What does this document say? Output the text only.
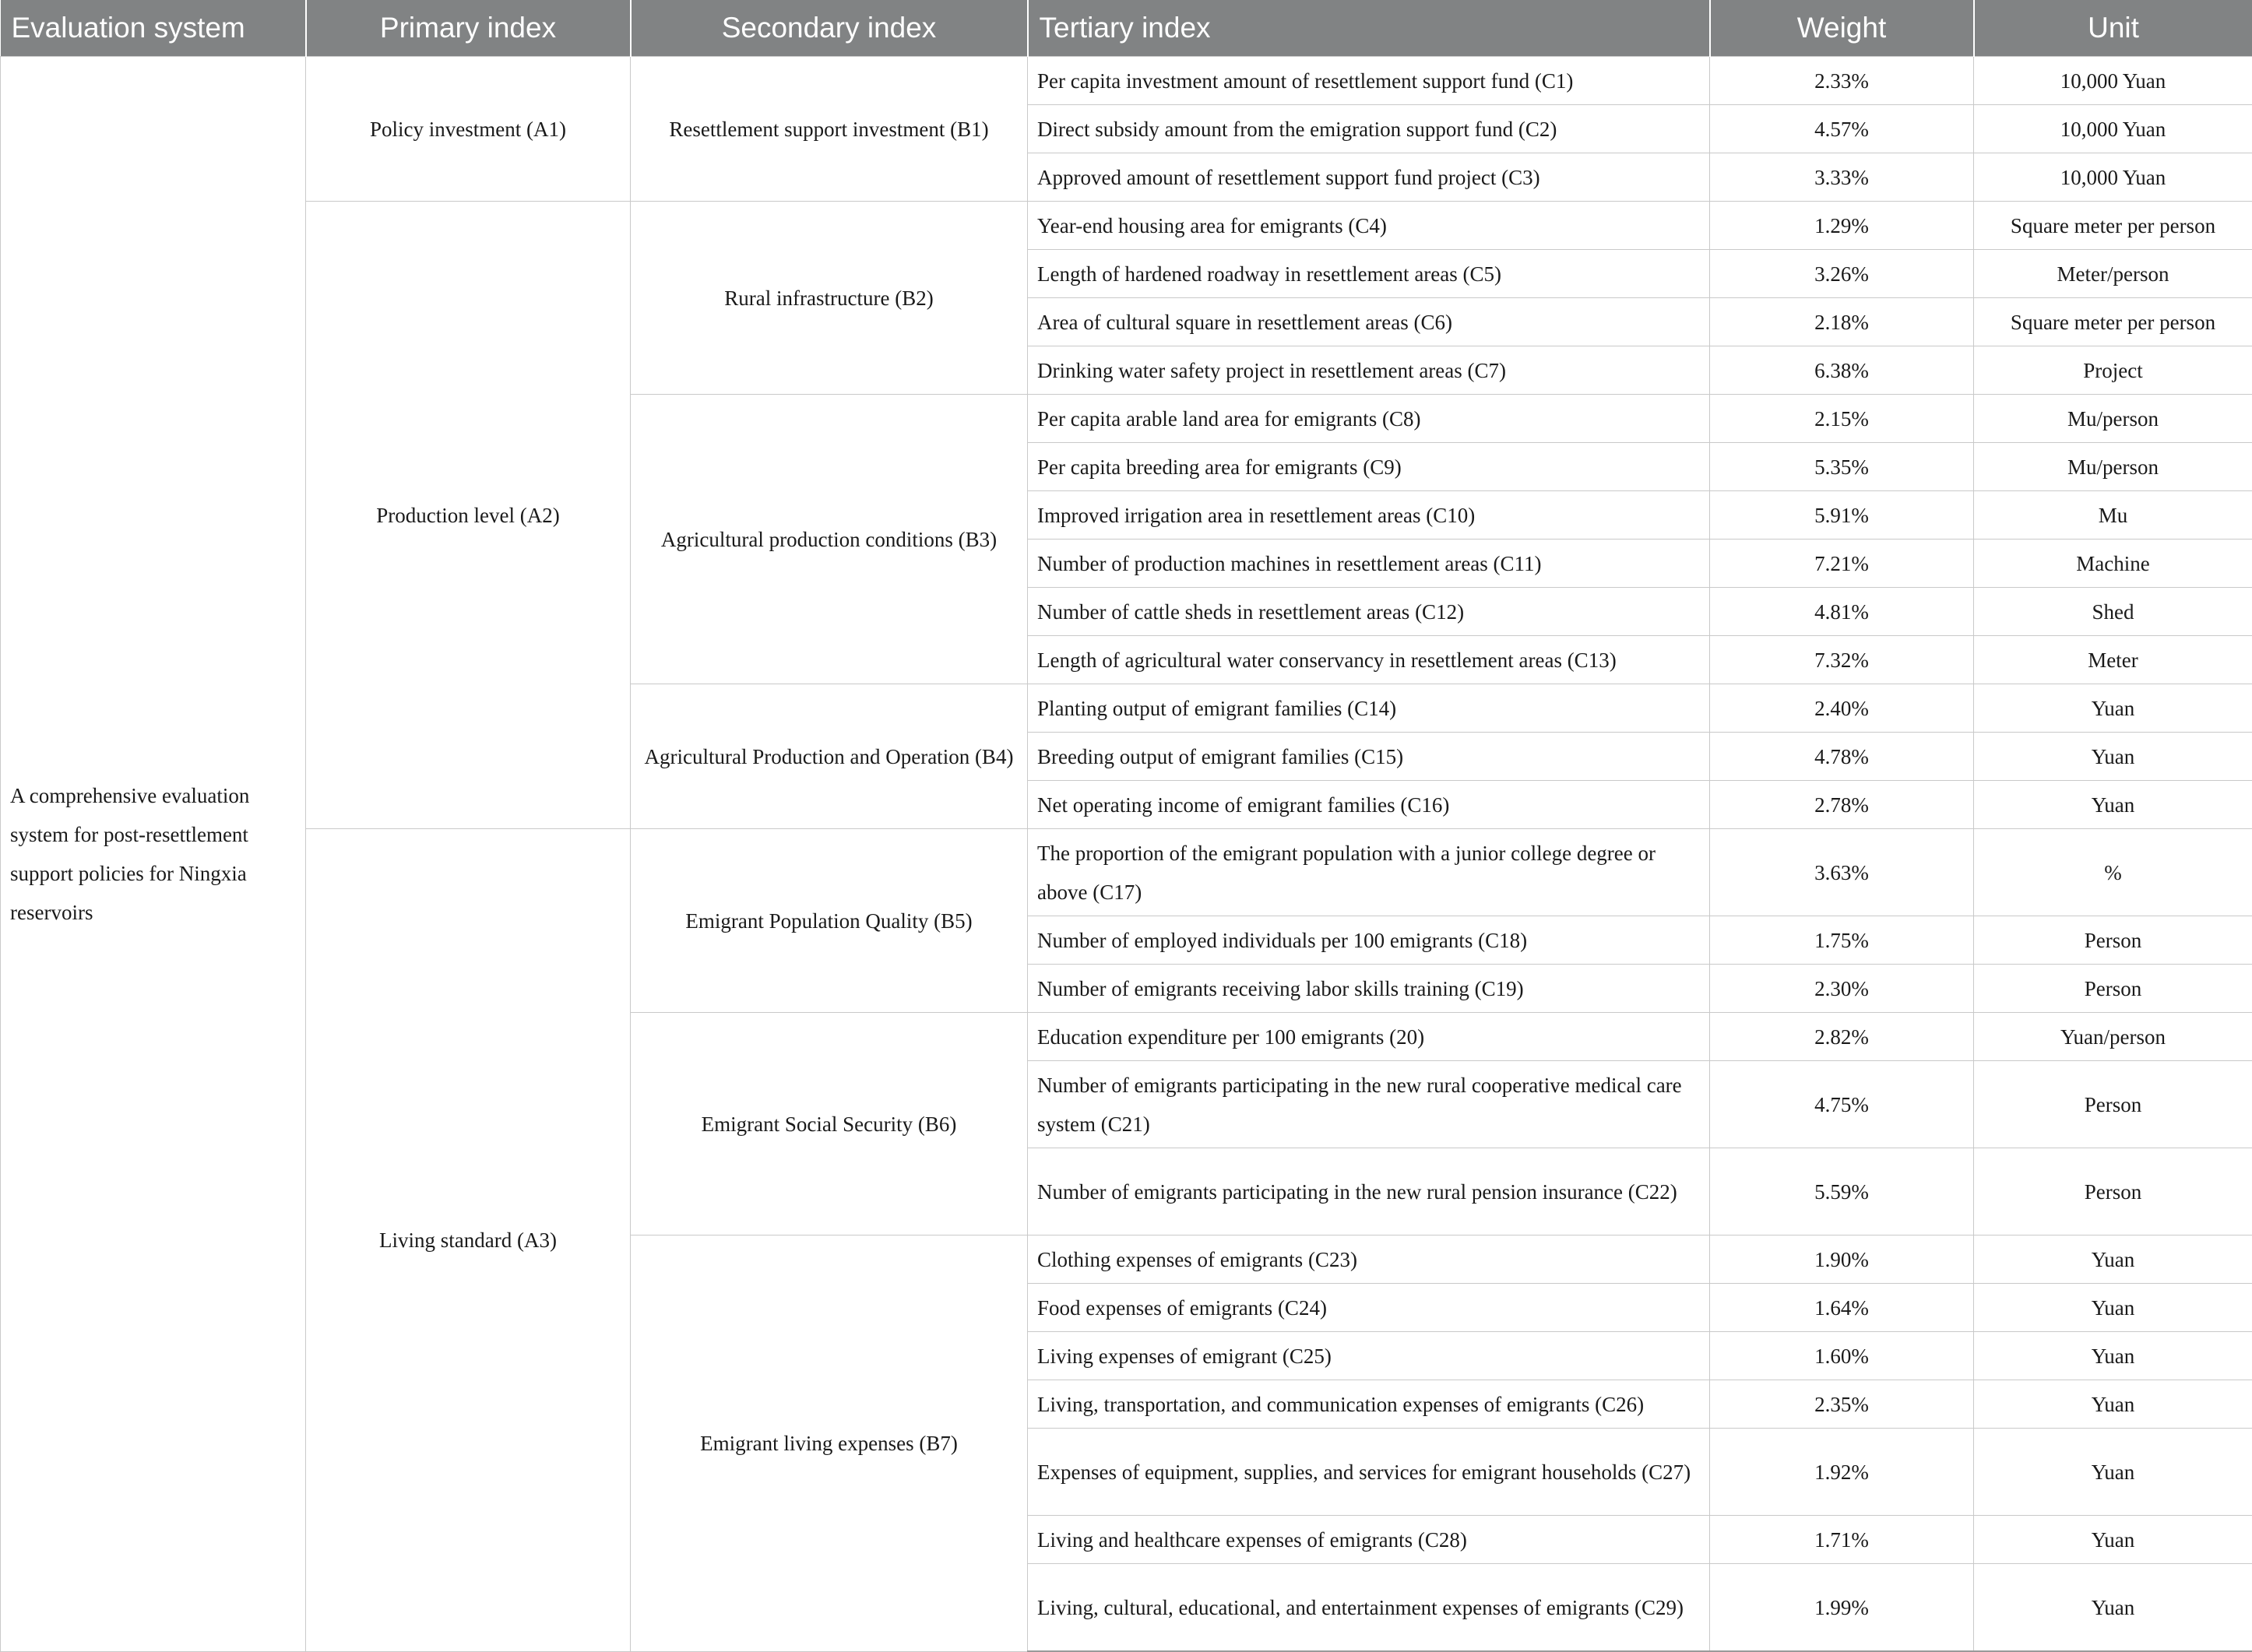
Evaluation system	Primary index	Secondary index	Tertiary index	Weight	Unit
A comprehensive evaluation system for post-resettlement support policies for Ningxia reservoirs	Policy investment (A1)	Resettlement support investment (B1)	Per capita investment amount of resettlement support fund (C1)	2.33%	10,000 Yuan
			Direct subsidy amount from the emigration support fund (C2)	4.57%	10,000 Yuan
			Approved amount of resettlement support fund project (C3)	3.33%	10,000 Yuan
	Production level (A2)	Rural infrastructure (B2)	Year-end housing area for emigrants (C4)	1.29%	Square meter per person
			Length of hardened roadway in resettlement areas (C5)	3.26%	Meter/person
			Area of cultural square in resettlement areas (C6)	2.18%	Square meter per person
			Drinking water safety project in resettlement areas (C7)	6.38%	Project
		Agricultural production conditions (B3)	Per capita arable land area for emigrants (C8)	2.15%	Mu/person
			Per capita breeding area for emigrants (C9)	5.35%	Mu/person
			Improved irrigation area in resettlement areas (C10)	5.91%	Mu
			Number of production machines in resettlement areas (C11)	7.21%	Machine
			Number of cattle sheds in resettlement areas (C12)	4.81%	Shed
			Length of agricultural water conservancy in resettlement areas (C13)	7.32%	Meter
		Agricultural Production and Operation (B4)	Planting output of emigrant families (C14)	2.40%	Yuan
			Breeding output of emigrant families (C15)	4.78%	Yuan
			Net operating income of emigrant families (C16)	2.78%	Yuan
	Living standard (A3)	Emigrant Population Quality (B5)	The proportion of the emigrant population with a junior college degree or above (C17)	3.63%	%
			Number of employed individuals per 100 emigrants (C18)	1.75%	Person
			Number of emigrants receiving labor skills training (C19)	2.30%	Person
		Emigrant Social Security (B6)	Education expenditure per 100 emigrants (20)	2.82%	Yuan/person
			Number of emigrants participating in the new rural cooperative medical care system (C21)	4.75%	Person
			Number of emigrants participating in the new rural pension insurance (C22)	5.59%	Person
		Emigrant living expenses (B7)	Clothing expenses of emigrants (C23)	1.90%	Yuan
			Food expenses of emigrants (C24)	1.64%	Yuan
			Living expenses of emigrant (C25)	1.60%	Yuan
			Living, transportation, and communication expenses of emigrants (C26)	2.35%	Yuan
			Expenses of equipment, supplies, and services for emigrant households (C27)	1.92%	Yuan
			Living and healthcare expenses of emigrants (C28)	1.71%	Yuan
			Living, cultural, educational, and entertainment expenses of emigrants (C29)	1.99%	Yuan
